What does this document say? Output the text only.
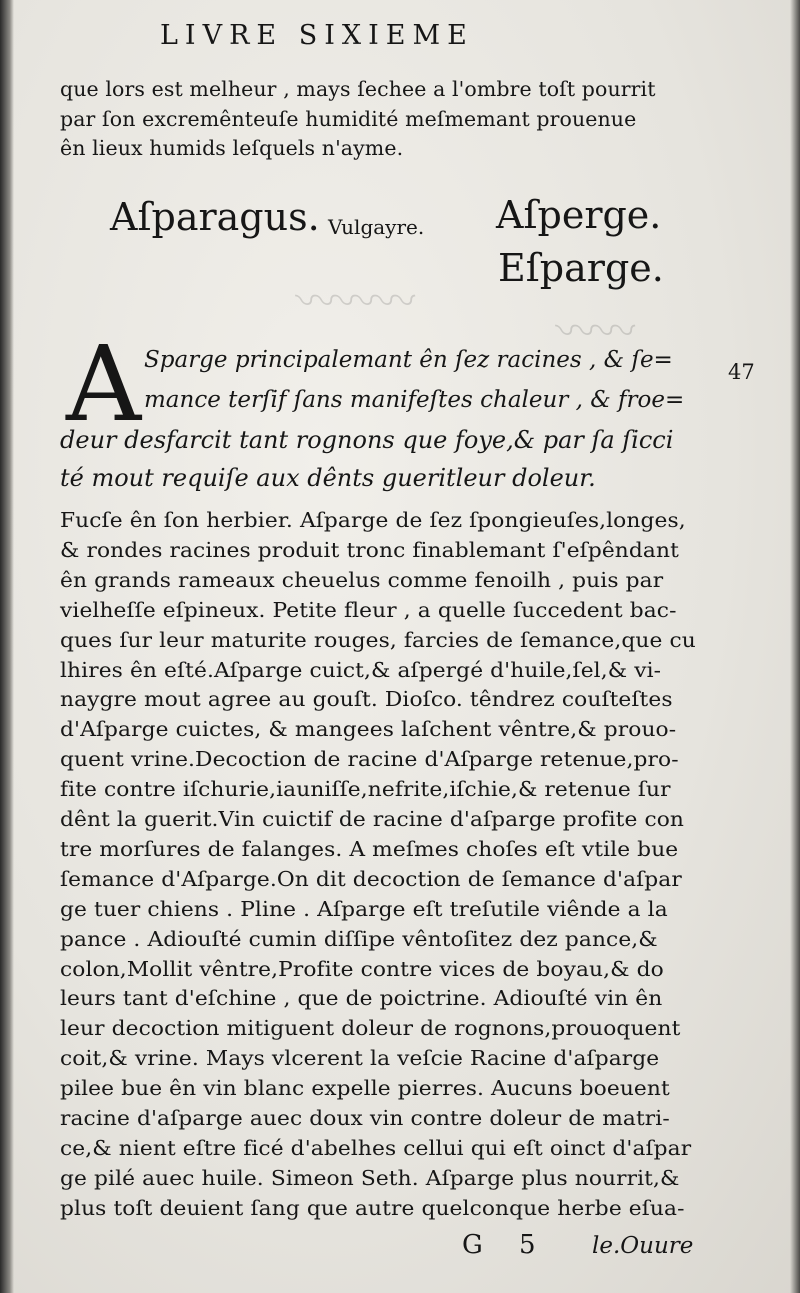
〰〰〰
〰〰
LIVRE SIXIEME
que lors est melheur , mays ſechee a l'ombre toſt pourrit
par ſon excremênteuſe humidité meſmemant prouenue
ên lieux humids leſquels n'ayme.
Aſparagus. Vulgayre. Aſperge.
Eſparge.
47
A Sparge principalemant ên ſez racines , & ſe=
mance terſif ſans manifeſtes chaleur , & froe=
deur desfarcit tant rognons que foye,& par ſa ſicci
té mout requiſe aux dênts gueritleur doleur.
Fucſe ên ſon herbier. Aſparge de ſez ſpongieuſes,longes,
& rondes racines produit tronc finablemant ſ'eſpêndant
ên grands rameaux cheuelus comme fenoilh , puis par
vielheſſe eſpineux. Petite fleur , a quelle ſuccedent bac-
ques ſur leur maturite rouges, farcies de ſemance,que cu
lhires ên eſté.Aſparge cuict,& aſpergé d'huile,ſel,& vi-
naygre mout agree au gouſt. Dioſco. têndrez couſteſtes
d'Aſparge cuictes, & mangees laſchent vêntre,& prouo-
quent vrine.Decoction de racine d'Aſparge retenue,pro-
fite contre iſchurie,iauniſſe,nefrite,iſchie,& retenue ſur
dênt la guerit.Vin cuictif de racine d'aſparge profite con
tre morſures de falanges. A meſmes choſes eſt vtile bue
ſemance d'Aſparge.On dit decoction de ſemance d'aſpar
ge tuer chiens . Pline . Aſparge eſt treſutile viênde a la
pance . Adiouſté cumin diſſipe vêntoſitez dez pance,&
colon,Mollit vêntre,Profite contre vices de boyau,& do
leurs tant d'eſchine , que de poictrine. Adiouſté vin ên
leur decoction mitiguent doleur de rognons,prouoquent
coit,& vrine. Mays vlcerent la veſcie Racine d'aſparge
pilee bue ên vin blanc expelle pierres. Aucuns boeuent
racine d'aſparge auec doux vin contre doleur de matri-
ce,& nient eſtre ficé d'abelhes cellui qui eſt oinct d'aſpar
ge pilé auec huile. Simeon Seth. Aſparge plus nourrit,&
plus toſt deuient ſang que autre quelconque herbe eſua-
G 5 le.Ouure
